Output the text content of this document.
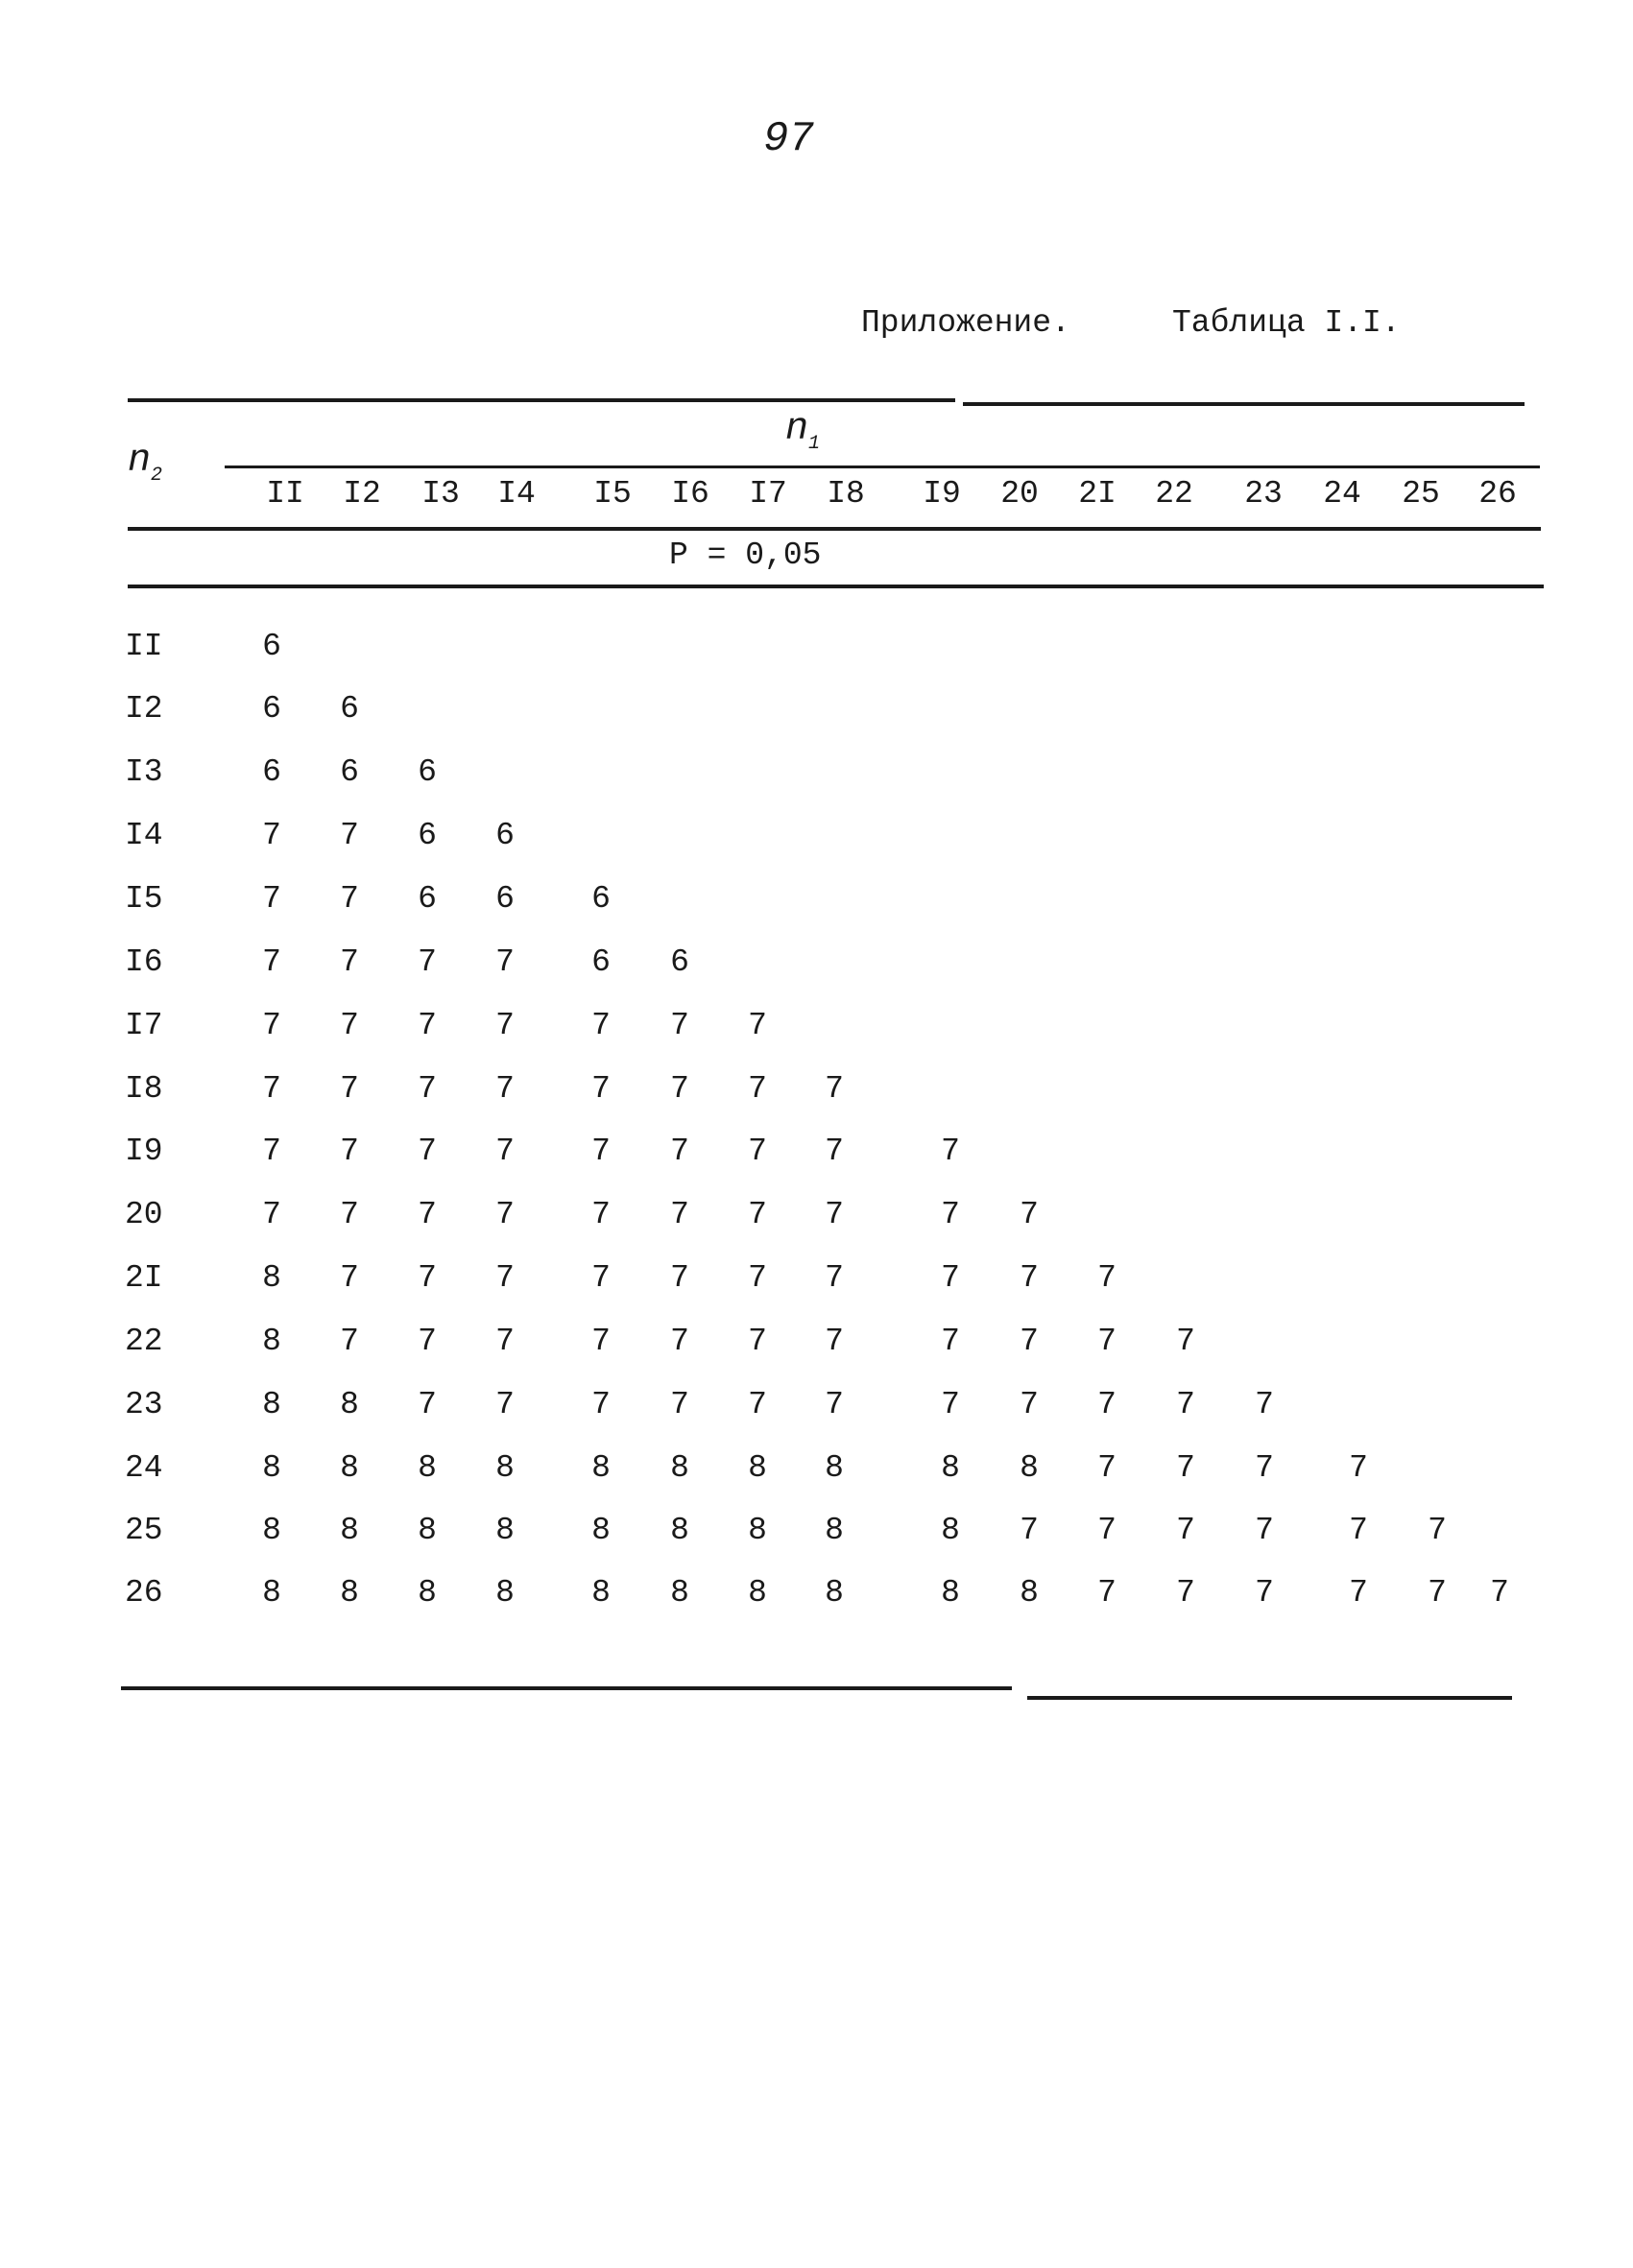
97
Приложение.	Таблица I.I.
$n_2$
$n_1$
II	I2	I3	I4	I5	I6	I7	I8	I9	20	2I	22	23	24	25	26
P = 0,05
II	6
I2	6	6
I3	6	6	6
I4	7	7	6	6
I5	7	7	6	6	6
I6	7	7	7	7	6	6
I7	7	7	7	7	7	7	7
I8	7	7	7	7	7	7	7	7
I9	7	7	7	7	7	7	7	7	7
20	7	7	7	7	7	7	7	7	7	7
2I	8	7	7	7	7	7	7	7	7	7	7
22	8	7	7	7	7	7	7	7	7	7	7	7
23	8	8	7	7	7	7	7	7	7	7	7	7	7
24	8	8	8	8	8	8	8	8	8	8	7	7	7	7
25	8	8	8	8	8	8	8	8	8	7	7	7	7	7	7
26	8	8	8	8	8	8	8	8	8	8	7	7	7	7	7	7
